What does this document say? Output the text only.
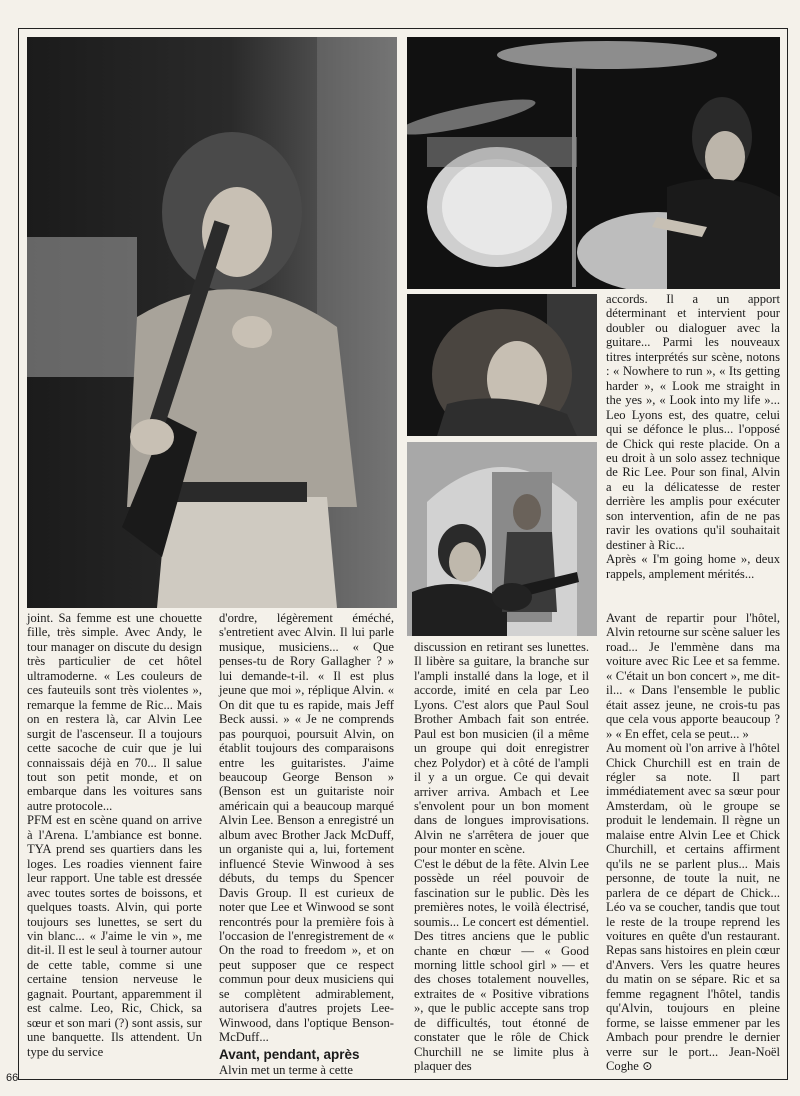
accords. Il a un apport déterminant et intervient pour doubler ou dialoguer avec la guitare... Parmi les nouveaux titres interprétés sur scène, notons : « Nowhere to run », « Its getting harder », « Look me straight in the yes », « Look into my life »... Leo Lyons est, des quatre, celui qui se défonce le plus... l'opposé de Chick qui reste placide. On a eu droit à un solo assez technique de Ric Lee. Pour son final, Alvin a eu la délicatesse de rester derrière les amplis pour exécuter son intervention, afin de ne pas ravir les ovations qu'il souhaitait destiner à Ric...

Après « I'm going home », deux rappels, amplement mérités...

joint. Sa femme est une chouette fille, très simple. Avec Andy, le tour manager on discute du design très particulier de cet hôtel ultramoderne. « Les couleurs de ces fauteuils sont très violentes », remarque la femme de Ric... Mais on en restera là, car Alvin Lee surgit de l'ascenseur. Il a toujours cette sacoche de cuir que je lui connaissais déjà en 70... Il salue tout son petit monde, et on embarque dans les voitures sans autre protocole...

PFM est en scène quand on arrive à l'Arena. L'ambiance est bonne. TYA prend ses quartiers dans les loges. Les roadies viennent faire leur rapport. Une table est dressée avec toutes sortes de boissons, et quelques toasts. Alvin, qui porte toujours ses lunettes, se sert du vin blanc... « J'aime le vin », me dit-il. Il est le seul à tourner autour de cette table, comme si une certaine tension nerveuse le gagnait. Pourtant, apparemment il est calme. Leo, Ric, Chick, sa sœur et son mari (?) sont assis, sur une banquette. Ils attendent. Un type du service

d'ordre, légèrement éméché, s'entretient avec Alvin. Il lui parle musique, musiciens... « Que penses-tu de Rory Gallagher ? » lui demande-t-il. « Il est plus jeune que moi », réplique Alvin. « On dit que tu es rapide, mais Jeff Beck aussi. » « Je ne comprends pas pourquoi, poursuit Alvin, on établit toujours des comparaisons entre les guitaristes. J'aime beaucoup George Benson » (Benson est un guitariste noir américain qui a beaucoup marqué Alvin Lee. Benson a enregistré un album avec Brother Jack McDuff, un organiste qui a, lui, fortement influencé Stevie Winwood à ses débuts, du temps du Spencer Davis Group. Il est curieux de noter que Lee et Winwood se sont rencontrés pour la première fois à l'occasion de l'enregistrement de « On the road to freedom », et on peut supposer que ce respect commun pour deux musiciens qui se complètent admirablement, autorisera d'autres projets Lee-Winwood, dans l'optique Benson-McDuff...

Avant, pendant, après

Alvin met un terme à cette

discussion en retirant ses lunettes. Il libère sa guitare, la branche sur l'ampli installé dans la loge, et il accorde, imité en cela par Leo Lyons. C'est alors que Paul Soul Brother Ambach fait son entrée. Paul est bon musicien (il a même un groupe qui doit enregistrer chez Polydor) et à côté de l'ampli il y a un orgue. Ce qui devait arriver arriva. Ambach et Lee s'envolent pour un bon moment dans de longues improvisations. Alvin ne s'arrêtera de jouer que pour monter en scène.

C'est le début de la fête. Alvin Lee possède un réel pouvoir de fascination sur le public. Dès les premières notes, le voilà électrisé, soumis... Le concert est démentiel. Des titres anciens que le public chante en chœur — « Good morning little school girl » — et des choses totalement nouvelles, extraites de « Positive vibrations », que le public accepte sans trop de difficultés, tout étonné de constater que le rôle de Chick Churchill ne se limite plus à plaquer des

Avant de repartir pour l'hôtel, Alvin retourne sur scène saluer les road... Je l'emmène dans ma voiture avec Ric Lee et sa femme. « C'était un bon concert », me dit-il... « Dans l'ensemble le public était assez jeune, ne crois-tu pas que cela vous apporte beaucoup ? » « En effet, cela se peut... »

Au moment où l'on arrive à l'hôtel Chick Churchill est en train de régler sa note. Il part immédiatement avec sa sœur pour Amsterdam, où le groupe se produit le lendemain. Il règne un malaise entre Alvin Lee et Chick Churchill, et certains affirment qu'ils ne se parlent plus... Mais personne, de toute la nuit, ne parlera de ce départ de Chick... Léo va se coucher, tandis que tout le reste de la troupe reprend les voitures en quête d'un restaurant. Repas sans histoires en plein cœur d'Anvers. Vers les quatre heures du matin on se sépare. Ric et sa femme regagnent l'hôtel, tandis qu'Alvin, toujours en pleine forme, se laisse emmener par les Ambach pour prendre le dernier verre sur le port... Jean-Noël Coghe ⊙

66
